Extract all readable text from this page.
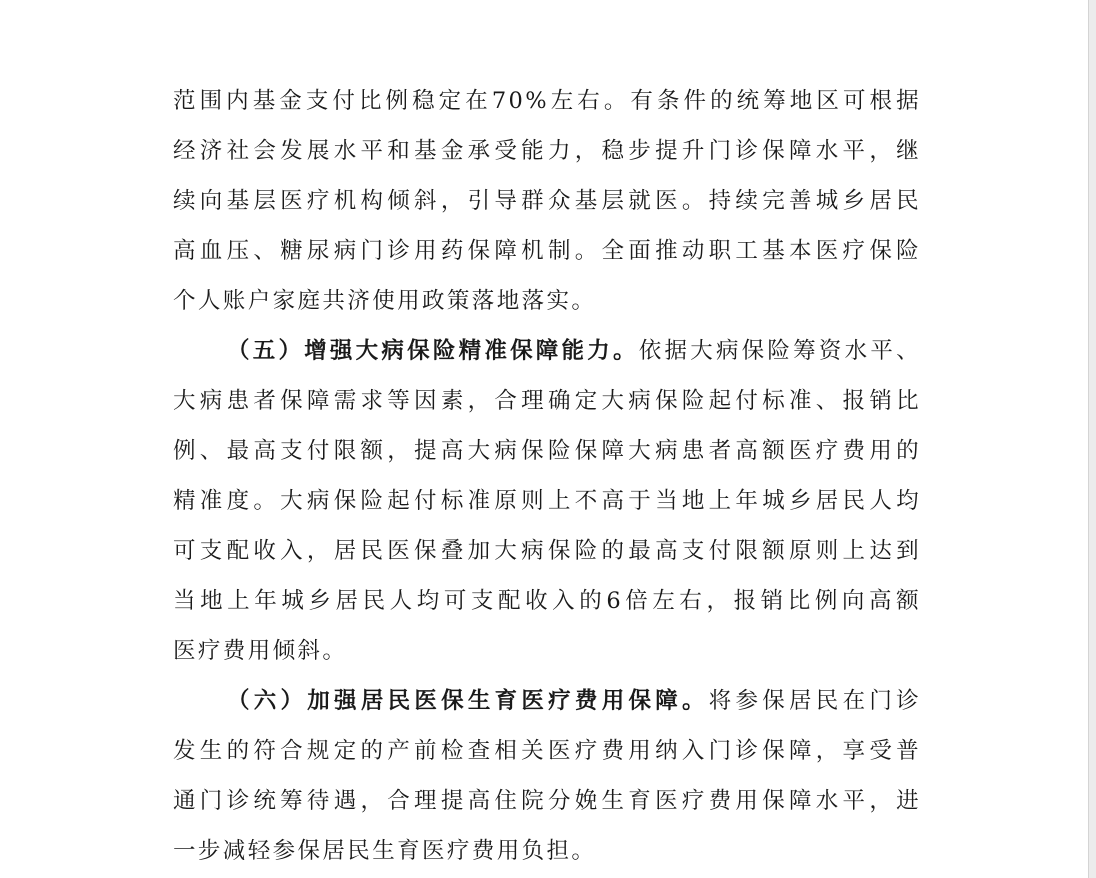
范围内基金支付比例稳定在70%左右。有条件的统筹地区可根据
经济社会发展水平和基金承受能力，稳步提升门诊保障水平，继
续向基层医疗机构倾斜，引导群众基层就医。持续完善城乡居民
高血压、糖尿病门诊用药保障机制。全面推动职工基本医疗保险
个人账户家庭共济使用政策落地落实。
（五）增强大病保险精准保障能力。依据大病保险筹资水平、
大病患者保障需求等因素，合理确定大病保险起付标准、报销比
例、最高支付限额，提高大病保险保障大病患者高额医疗费用的
精准度。大病保险起付标准原则上不高于当地上年城乡居民人均
可支配收入，居民医保叠加大病保险的最高支付限额原则上达到
当地上年城乡居民人均可支配收入的6倍左右，报销比例向高额
医疗费用倾斜。
（六）加强居民医保生育医疗费用保障。将参保居民在门诊
发生的符合规定的产前检查相关医疗费用纳入门诊保障，享受普
通门诊统筹待遇，合理提高住院分娩生育医疗费用保障水平，进
一步减轻参保居民生育医疗费用负担。
